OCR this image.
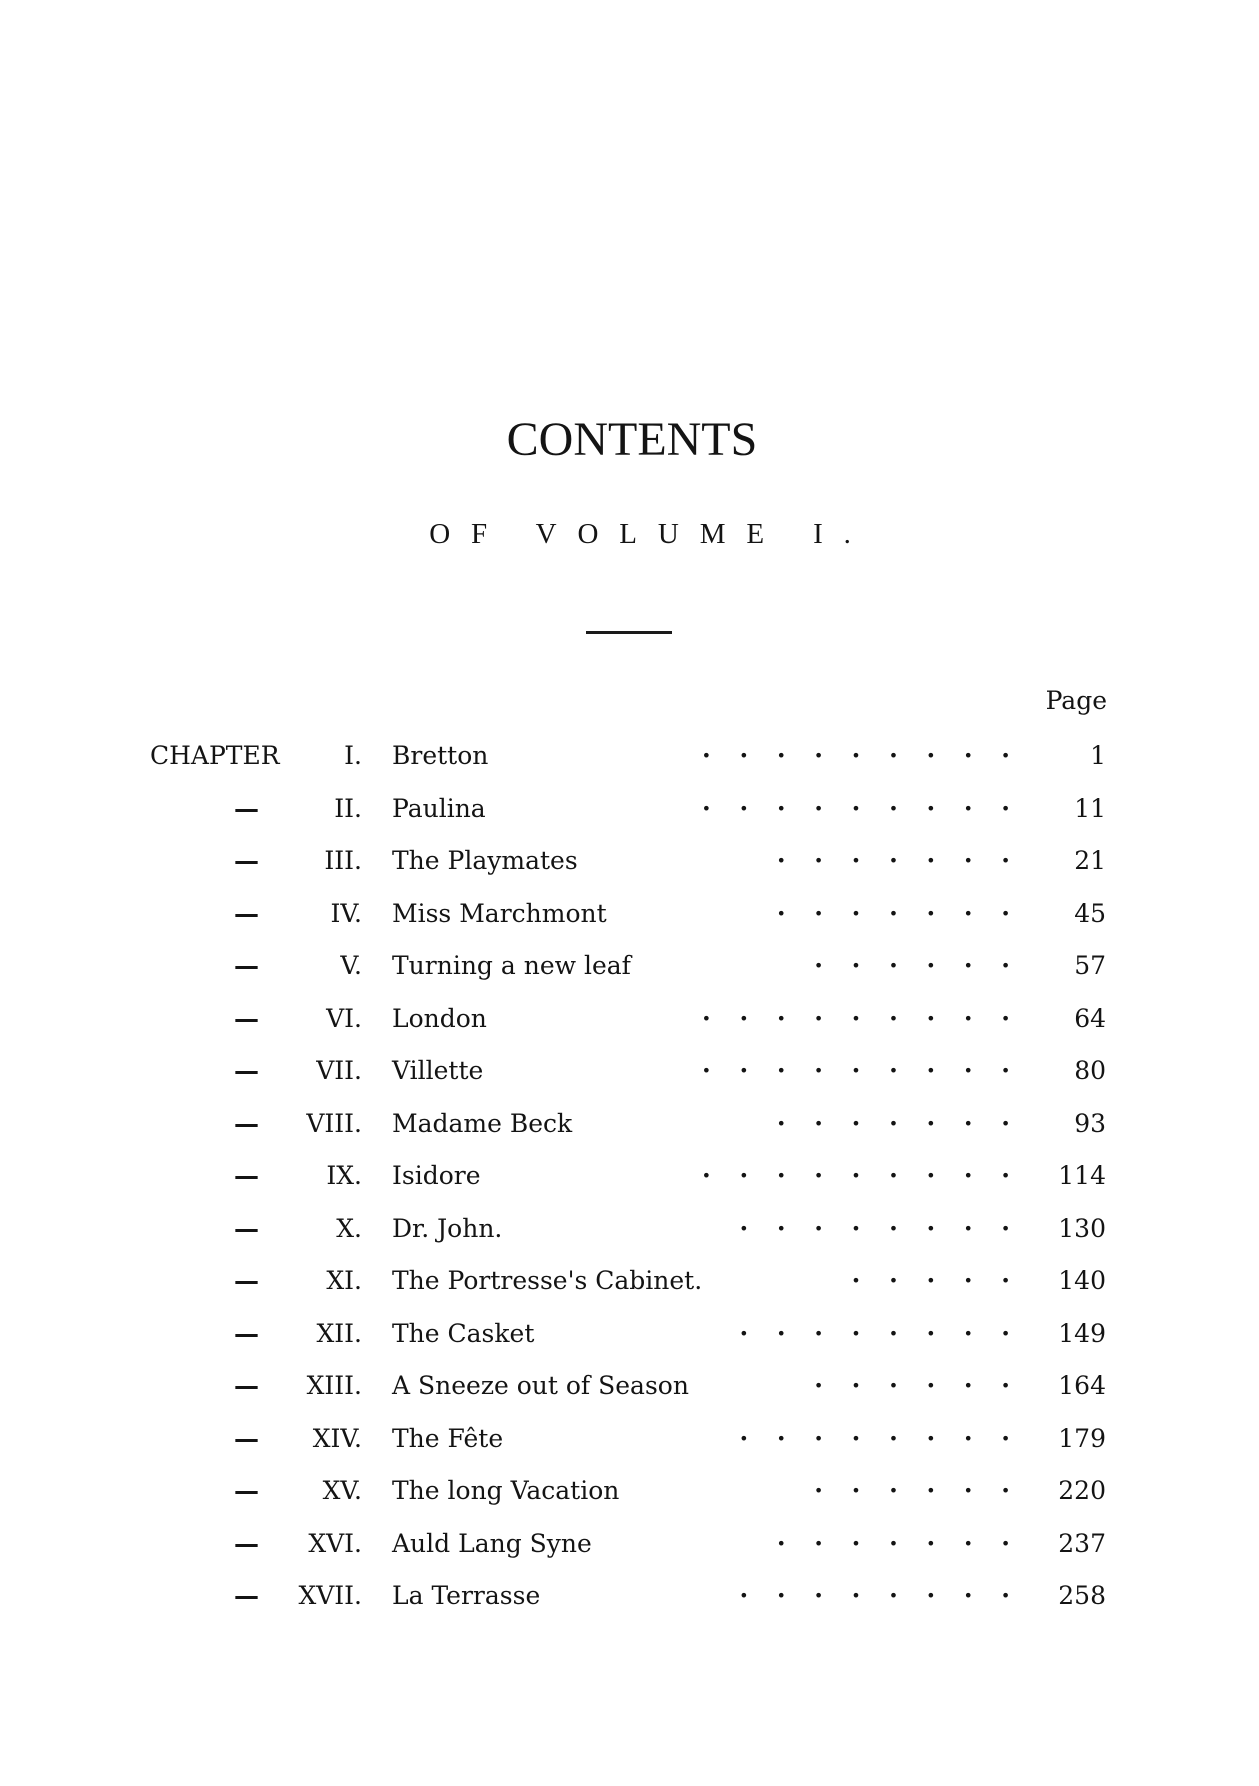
CONTENTS
OF VOLUME I.
Page
CHAPTER	I. Bretton	· · · · · · · · ·	1
—	II. Paulina	· · · · · · · · ·	11
—	III. The Playmates	· · · · · · ·	21
—	IV. Miss Marchmont	· · · · · · ·	45
—	V. Turning a new leaf	· · · · · ·	57
—	VI. London	· · · · · · · · ·	64
—	VII. Villette	· · · · · · · · ·	80
—	VIII. Madame Beck	· · · · · · ·	93
—	IX. Isidore	· · · · · · · · ·	114
—	X. Dr. John.	· · · · · · · ·	130
—	XI. The Portresse's Cabinet.	· · · · ·	140
—	XII. The Casket	· · · · · · · ·	149
—	XIII. A Sneeze out of Season	· · · · · ·	164
—	XIV. The Fête	· · · · · · · ·	179
—	XV. The long Vacation	· · · · · ·	220
—	XVI. Auld Lang Syne	· · · · · · ·	237
—	XVII. La Terrasse	· · · · · · · ·	258
